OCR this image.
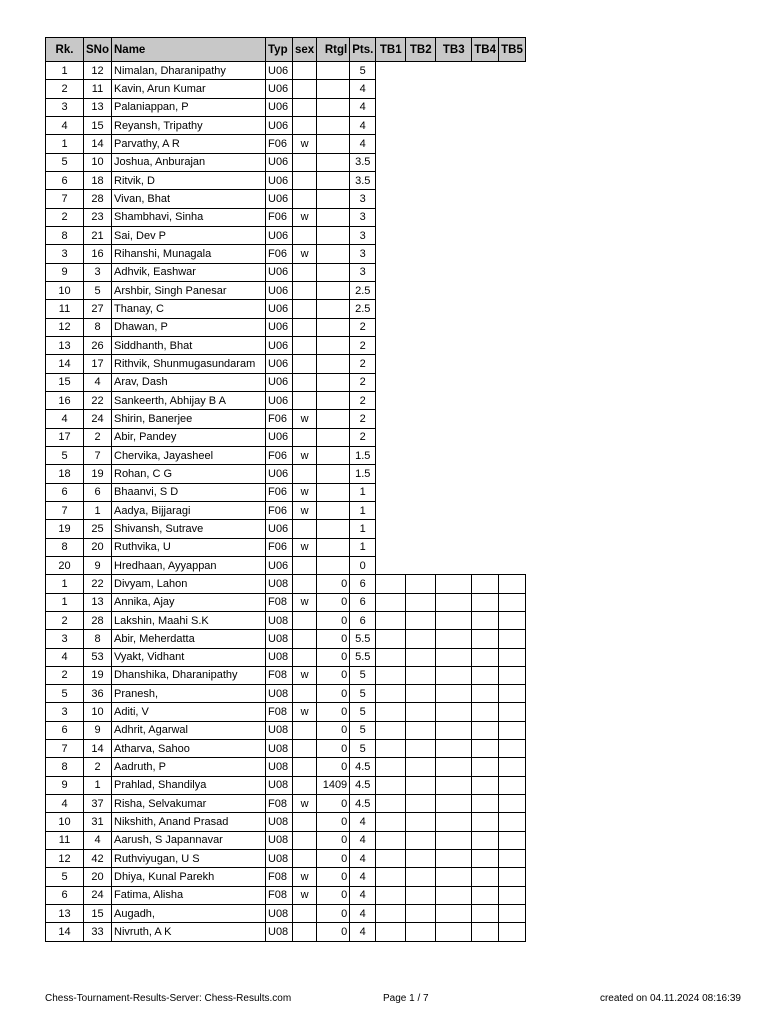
Rk.	SNo	Name	Typ	sex	Rtgl	Pts.	TB1	TB2	TB3	TB4	TB5
1	12	Nimalan, Dharanipathy	U06			5					
2	11	Kavin, Arun Kumar	U06			4					
3	13	Palaniappan, P	U06			4					
4	15	Reyansh, Tripathy	U06			4					
1	14	Parvathy, A R	F06	w		4					
5	10	Joshua, Anburajan	U06			3.5					
6	18	Ritvik, D	U06			3.5					
7	28	Vivan, Bhat	U06			3					
2	23	Shambhavi, Sinha	F06	w		3					
8	21	Sai, Dev P	U06			3					
3	16	Rihanshi, Munagala	F06	w		3					
9	3	Adhvik, Eashwar	U06			3					
10	5	Arshbir, Singh Panesar	U06			2.5					
11	27	Thanay, C	U06			2.5					
12	8	Dhawan, P	U06			2					
13	26	Siddhanth, Bhat	U06			2					
14	17	Rithvik, Shunmugasundaram	U06			2					
15	4	Arav, Dash	U06			2					
16	22	Sankeerth, Abhijay B A	U06			2					
4	24	Shirin, Banerjee	F06	w		2					
17	2	Abir, Pandey	U06			2					
5	7	Chervika, Jayasheel	F06	w		1.5					
18	19	Rohan, C G	U06			1.5					
6	6	Bhaanvi, S D	F06	w		1					
7	1	Aadya, Bijjaragi	F06	w		1					
19	25	Shivansh, Sutrave	U06			1					
8	20	Ruthvika, U	F06	w		1					
20	9	Hredhaan, Ayyappan	U06			0					
1	22	Divyam, Lahon	U08		0	6					
1	13	Annika, Ajay	F08	w	0	6					
2	28	Lakshin, Maahi S.K	U08		0	6					
3	8	Abir, Meherdatta	U08		0	5.5					
4	53	Vyakt, Vidhant	U08		0	5.5					
2	19	Dhanshika, Dharanipathy	F08	w	0	5					
5	36	Pranesh,	U08		0	5					
3	10	Aditi, V	F08	w	0	5					
6	9	Adhrit, Agarwal	U08		0	5					
7	14	Atharva, Sahoo	U08		0	5					
8	2	Aadruth, P	U08		0	4.5					
9	1	Prahlad, Shandilya	U08		1409	4.5					
4	37	Risha, Selvakumar	F08	w	0	4.5					
10	31	Nikshith, Anand Prasad	U08		0	4					
11	4	Aarush, S Japannavar	U08		0	4					
12	42	Ruthviyugan, U S	U08		0	4					
5	20	Dhiya, Kunal Parekh	F08	w	0	4					
6	24	Fatima, Alisha	F08	w	0	4					
13	15	Augadh,	U08		0	4					
14	33	Nivruth, A K	U08		0	4					
Chess-Tournament-Results-Server: Chess-Results.com	Page 1 / 7	created on 04.11.2024 08:16:39
